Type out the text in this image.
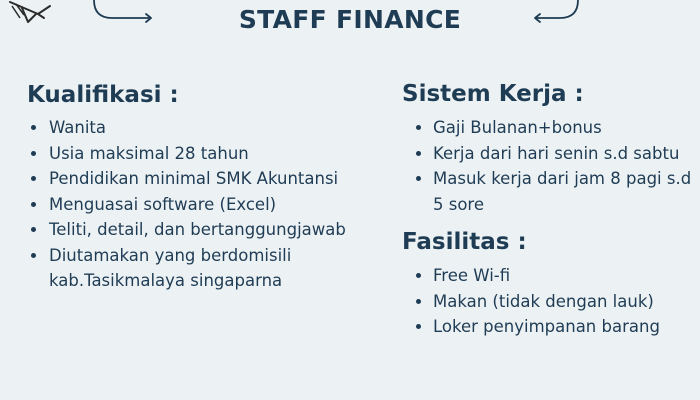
STAFF FINANCE
Kualifikasi :
Wanita
Usia maksimal 28 tahun
Pendidikan minimal SMK Akuntansi
Menguasai software (Excel)
Teliti, detail, dan bertanggungjawab
Diutamakan yang berdomisili kab.Tasikmalaya singaparna
Sistem Kerja :
Gaji Bulanan+bonus
Kerja dari hari senin s.d sabtu
Masuk kerja dari jam 8 pagi s.d 5 sore
Fasilitas :
Free Wi-fi
Makan (tidak dengan lauk)
Loker penyimpanan barang
